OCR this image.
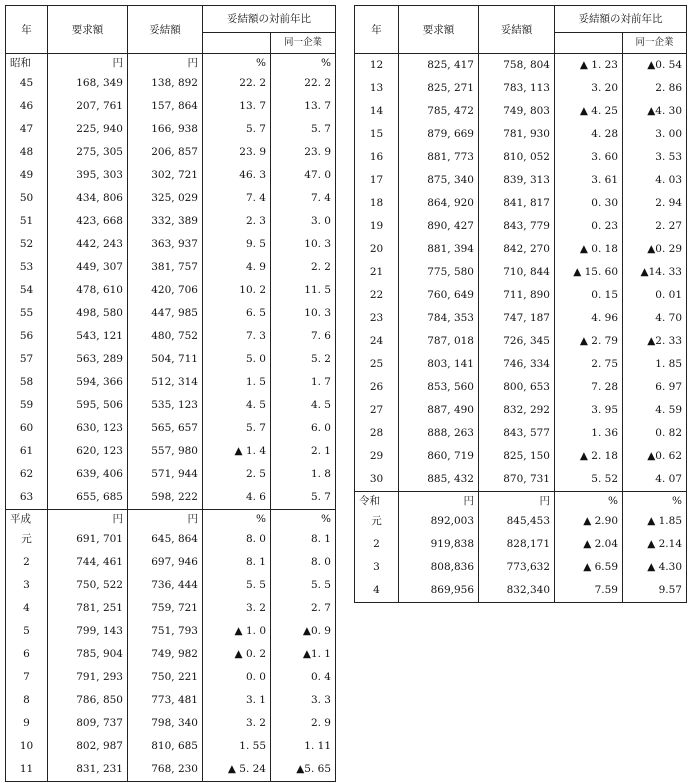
年	要求額	妥結額	妥結額の対前年比	
				同一企業
昭和	円	円	%	%
45	168, 349	138, 892	22. 2	22. 2
46	207, 761	157, 864	13. 7	13. 7
47	225, 940	166, 938	5. 7	5. 7
48	275, 305	206, 857	23. 9	23. 9
49	395, 303	302, 721	46. 3	47. 0
50	434, 806	325, 029	7. 4	7. 4
51	423, 668	332, 389	2. 3	3. 0
52	442, 243	363, 937	9. 5	10. 3
53	449, 307	381, 757	4. 9	2. 2
54	478, 610	420, 706	10. 2	11. 5
55	498, 580	447, 985	6. 5	10. 3
56	543, 121	480, 752	7. 3	7. 6
57	563, 289	504, 711	5. 0	5. 2
58	594, 366	512, 314	1. 5	1. 7
59	595, 506	535, 123	4. 5	4. 5
60	630, 123	565, 657	5. 7	6. 0
61	620, 123	557, 980	▲ 1. 4	2. 1
62	639, 406	571, 944	2. 5	1. 8
63	655, 685	598, 222	4. 6	5. 7
平成	円	円	%	%
元	691, 701	645, 864	8. 0	8. 1
2	744, 461	697, 946	8. 1	8. 0
3	750, 522	736, 444	5. 5	5. 5
4	781, 251	759, 721	3. 2	2. 7
5	799, 143	751, 793	▲ 1. 0	▲0. 9
6	785, 904	749, 982	▲ 0. 2	▲1. 1
7	791, 293	750, 221	0. 0	0. 4
8	786, 850	773, 481	3. 1	3. 3
9	809, 737	798, 340	3. 2	2. 9
10	802, 987	810, 685	1. 55	1. 11
11	831, 231	768, 230	▲ 5. 24	▲5. 65
年	要求額	妥結額	妥結額の対前年比	
				同一企業
12	825, 417	758, 804	▲ 1. 23	▲0. 54
13	825, 271	783, 113	3. 20	2. 86
14	785, 472	749, 803	▲ 4. 25	▲4. 30
15	879, 669	781, 930	4. 28	3. 00
16	881, 773	810, 052	3. 60	3. 53
17	875, 340	839, 313	3. 61	4. 03
18	864, 920	841, 817	0. 30	2. 94
19	890, 427	843, 779	0. 23	2. 27
20	881, 394	842, 270	▲ 0. 18	▲0. 29
21	775, 580	710, 844	▲ 15. 60	▲14. 33
22	760, 649	711, 890	0. 15	0. 01
23	784, 353	747, 187	4. 96	4. 70
24	787, 018	726, 345	▲ 2. 79	▲2. 33
25	803, 141	746, 334	2. 75	1. 85
26	853, 560	800, 653	7. 28	6. 97
27	887, 490	832, 292	3. 95	4. 59
28	888, 263	843, 577	1. 36	0. 82
29	860, 719	825, 150	▲ 2. 18	▲0. 62
30	885, 432	870, 731	5. 52	4. 07
令和	円	円	%	%
元	892,003	845,453	▲ 2.90	▲ 1.85
2	919,838	828,171	▲ 2.04	▲ 2.14
3	808,836	773,632	▲ 6.59	▲ 4.30
4	869,956	832,340	7.59	9.57
